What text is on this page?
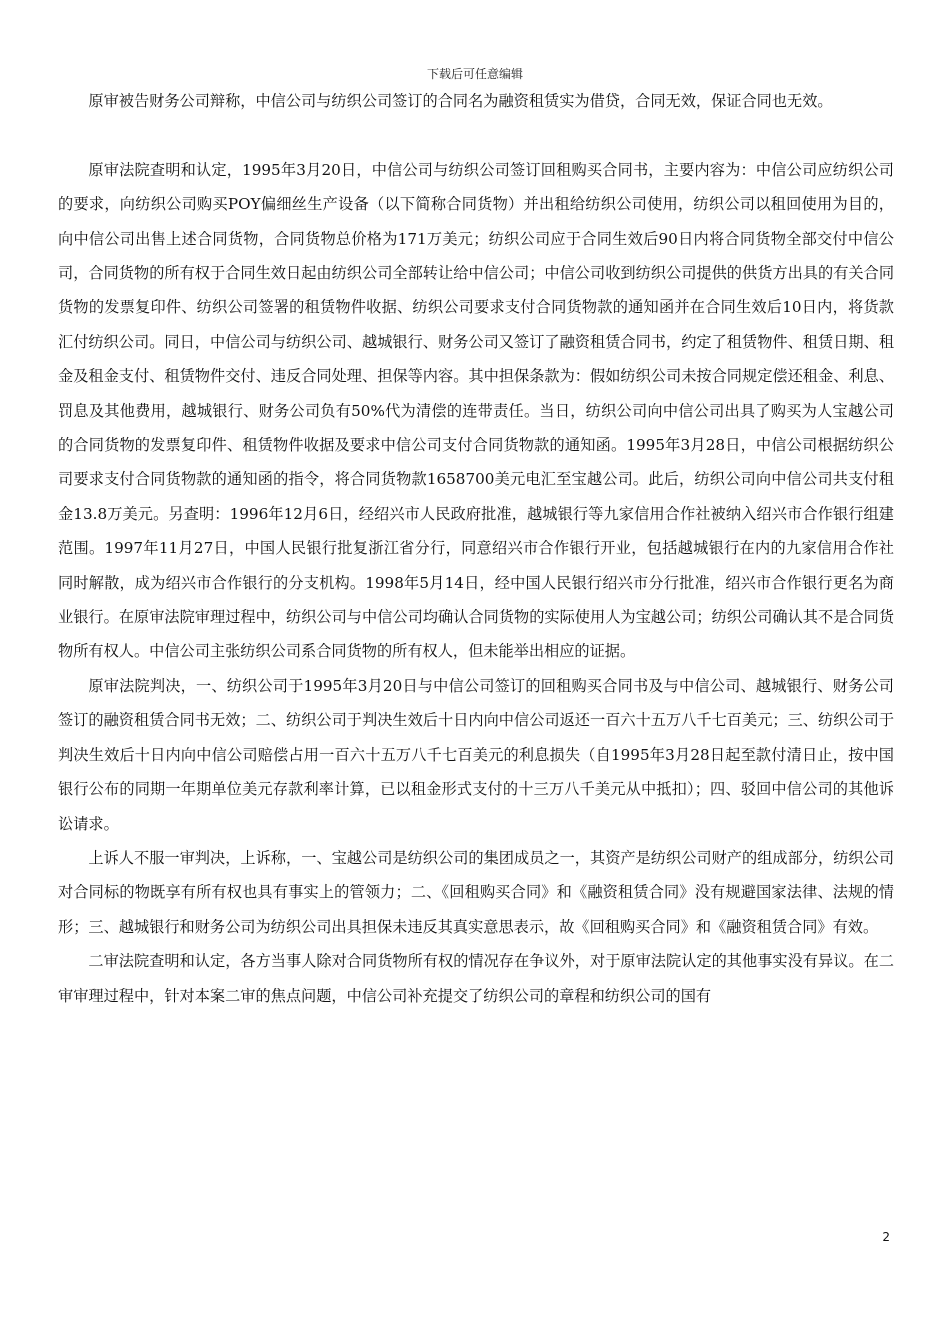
下载后可任意编辑

原审被告财务公司辩称，中信公司与纺织公司签订的合同名为融资租赁实为借贷，合同无效，保证合同也无效。

原审法院查明和认定，1995年3月20日，中信公司与纺织公司签订回租购买合同书，主要内容为：中信公司应纺织公司的要求，向纺织公司购买POY偏细丝生产设备（以下简称合同货物）并出租给纺织公司使用，纺织公司以租回使用为目的，向中信公司出售上述合同货物，合同货物总价格为171万美元；纺织公司应于合同生效后90日内将合同货物全部交付中信公司，合同货物的所有权于合同生效日起由纺织公司全部转让给中信公司；中信公司收到纺织公司提供的供货方出具的有关合同货物的发票复印件、纺织公司签署的租赁物件收据、纺织公司要求支付合同货物款的通知函并在合同生效后10日内，将货款汇付纺织公司。同日，中信公司与纺织公司、越城银行、财务公司又签订了融资租赁合同书，约定了租赁物件、租赁日期、租金及租金支付、租赁物件交付、违反合同处理、担保等内容。其中担保条款为：假如纺织公司未按合同规定偿还租金、利息、罚息及其他费用，越城银行、财务公司负有50%代为清偿的连带责任。当日，纺织公司向中信公司出具了购买为人宝越公司的合同货物的发票复印件、租赁物件收据及要求中信公司支付合同货物款的通知函。1995年3月28日，中信公司根据纺织公司要求支付合同货物款的通知函的指令，将合同货物款1658700美元电汇至宝越公司。此后，纺织公司向中信公司共支付租金13.8万美元。另查明：1996年12月6日，经绍兴市人民政府批准，越城银行等九家信用合作社被纳入绍兴市合作银行组建范围。1997年11月27日，中国人民银行批复浙江省分行，同意绍兴市合作银行开业，包括越城银行在内的九家信用合作社同时解散，成为绍兴市合作银行的分支机构。1998年5月14日，经中国人民银行绍兴市分行批准，绍兴市合作银行更名为商业银行。在原审法院审理过程中，纺织公司与中信公司均确认合同货物的实际使用人为宝越公司；纺织公司确认其不是合同货物所有权人。中信公司主张纺织公司系合同货物的所有权人，但未能举出相应的证据。

原审法院判决，一、纺织公司于1995年3月20日与中信公司签订的回租购买合同书及与中信公司、越城银行、财务公司签订的融资租赁合同书无效；二、纺织公司于判决生效后十日内向中信公司返还一百六十五万八千七百美元；三、纺织公司于判决生效后十日内向中信公司赔偿占用一百六十五万八千七百美元的利息损失（自1995年3月28日起至款付清日止，按中国银行公布的同期一年期单位美元存款利率计算，已以租金形式支付的十三万八千美元从中抵扣）；四、驳回中信公司的其他诉讼请求。

上诉人不服一审判决，上诉称，一、宝越公司是纺织公司的集团成员之一，其资产是纺织公司财产的组成部分，纺织公司对合同标的物既享有所有权也具有事实上的管领力；二、《回租购买合同》和《融资租赁合同》没有规避国家法律、法规的情形；三、越城银行和财务公司为纺织公司出具担保未违反其真实意思表示，故《回租购买合同》和《融资租赁合同》有效。

二审法院查明和认定，各方当事人除对合同货物所有权的情况存在争议外，对于原审法院认定的其他事实没有异议。在二审审理过程中，针对本案二审的焦点问题，中信公司补充提交了纺织公司的章程和纺织公司的国有

2
